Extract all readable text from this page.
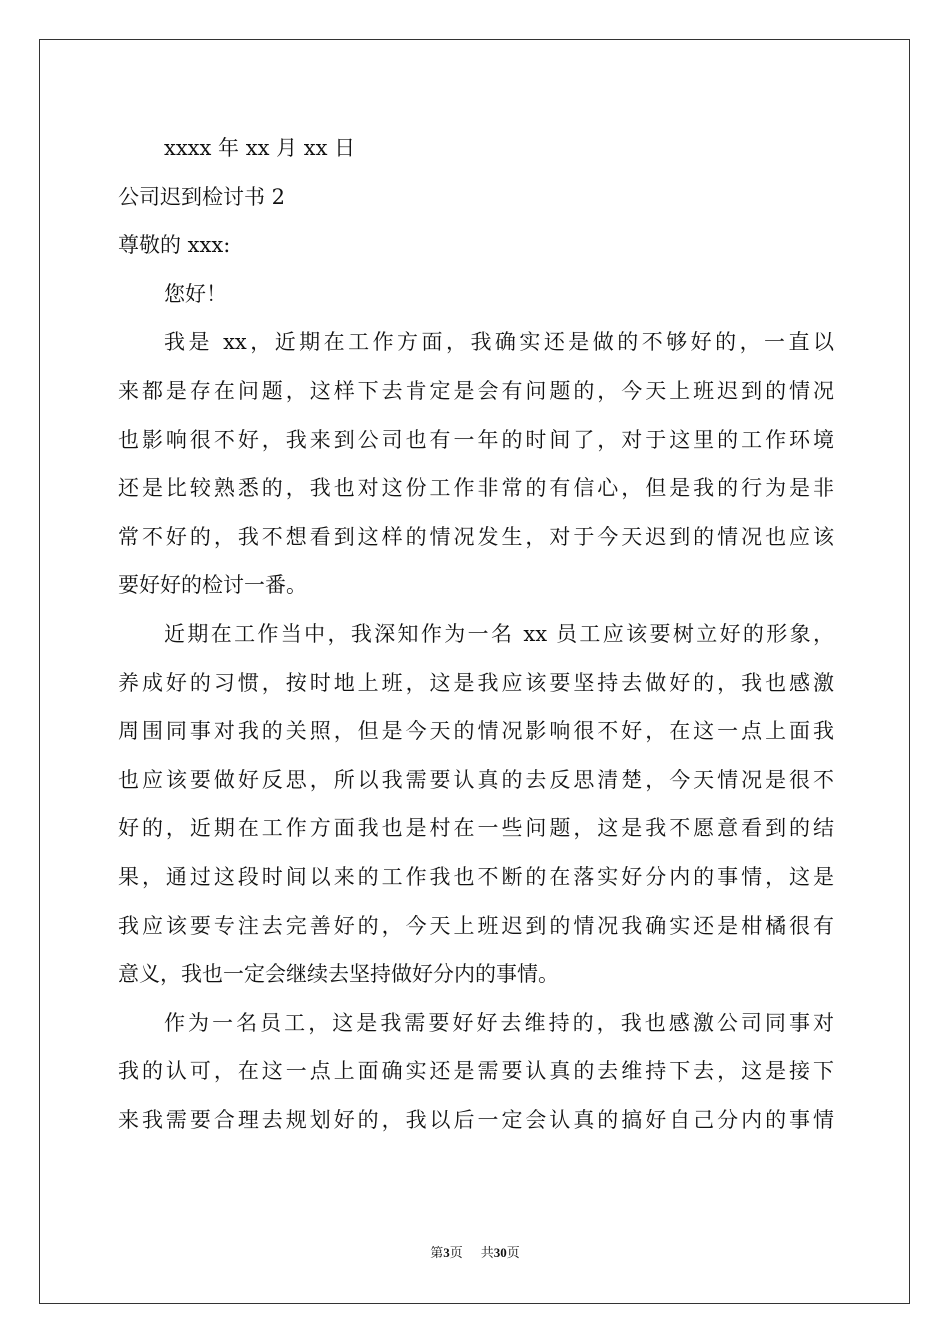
xxxx 年 xx 月 xx 日
公司迟到检讨书 2
尊敬的 xxx:
您好！
我是 xx，近期在工作方面，我确实还是做的不够好的，一直以
来都是存在问题，这样下去肯定是会有问题的，今天上班迟到的情况
也影响很不好，我来到公司也有一年的时间了，对于这里的工作环境
还是比较熟悉的，我也对这份工作非常的有信心，但是我的行为是非
常不好的，我不想看到这样的情况发生，对于今天迟到的情况也应该
要好好的检讨一番。
近期在工作当中，我深知作为一名 xx 员工应该要树立好的形象，
养成好的习惯，按时地上班，这是我应该要坚持去做好的，我也感激
周围同事对我的关照，但是今天的情况影响很不好，在这一点上面我
也应该要做好反思，所以我需要认真的去反思清楚，今天情况是很不
好的，近期在工作方面我也是村在一些问题，这是我不愿意看到的结
果，通过这段时间以来的工作我也不断的在落实好分内的事情，这是
我应该要专注去完善好的，今天上班迟到的情况我确实还是柑橘很有
意义，我也一定会继续去坚持做好分内的事情。
作为一名员工，这是我需要好好去维持的，我也感激公司同事对
我的认可，在这一点上面确实还是需要认真的去维持下去，这是接下
来我需要合理去规划好的，我以后一定会认真的搞好自己分内的事情
第3页 共30页
